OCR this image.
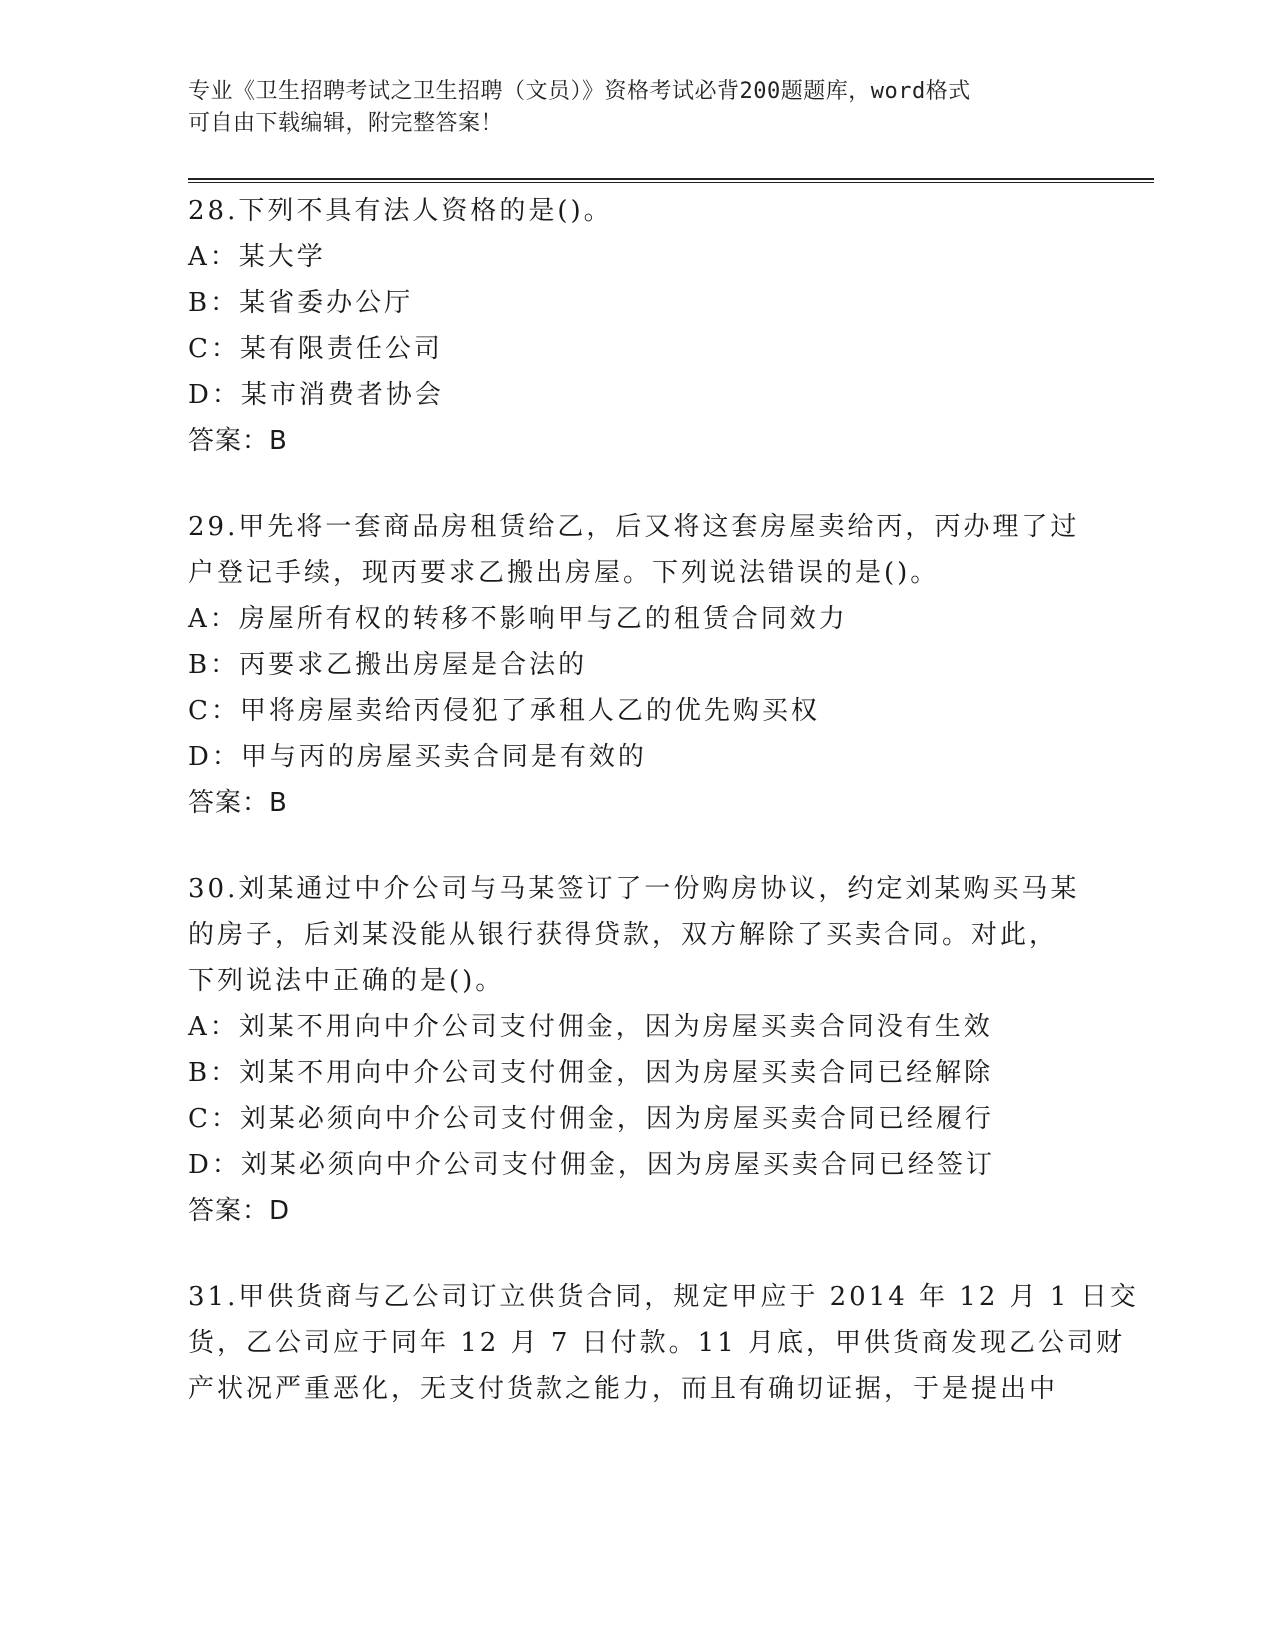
专业《卫生招聘考试之卫生招聘（文员）》资格考试必背200题题库，word格式
可自由下载编辑，附完整答案！
28.下列不具有法人资格的是()。
A：某大学
B：某省委办公厅
C：某有限责任公司
D：某市消费者协会
答案：B
29.甲先将一套商品房租赁给乙，后又将这套房屋卖给丙，丙办理了过
户登记手续，现丙要求乙搬出房屋。下列说法错误的是()。
A：房屋所有权的转移不影响甲与乙的租赁合同效力
B：丙要求乙搬出房屋是合法的
C：甲将房屋卖给丙侵犯了承租人乙的优先购买权
D：甲与丙的房屋买卖合同是有效的
答案：B
30.刘某通过中介公司与马某签订了一份购房协议，约定刘某购买马某
的房子，后刘某没能从银行获得贷款，双方解除了买卖合同。对此，
下列说法中正确的是()。
A：刘某不用向中介公司支付佣金，因为房屋买卖合同没有生效
B：刘某不用向中介公司支付佣金，因为房屋买卖合同已经解除
C：刘某必须向中介公司支付佣金，因为房屋买卖合同已经履行
D：刘某必须向中介公司支付佣金，因为房屋买卖合同已经签订
答案：D
31.甲供货商与乙公司订立供货合同，规定甲应于 2014 年 12 月 1 日交
货，乙公司应于同年 12 月 7 日付款。11 月底，甲供货商发现乙公司财
产状况严重恶化，无支付货款之能力，而且有确切证据，于是提出中
